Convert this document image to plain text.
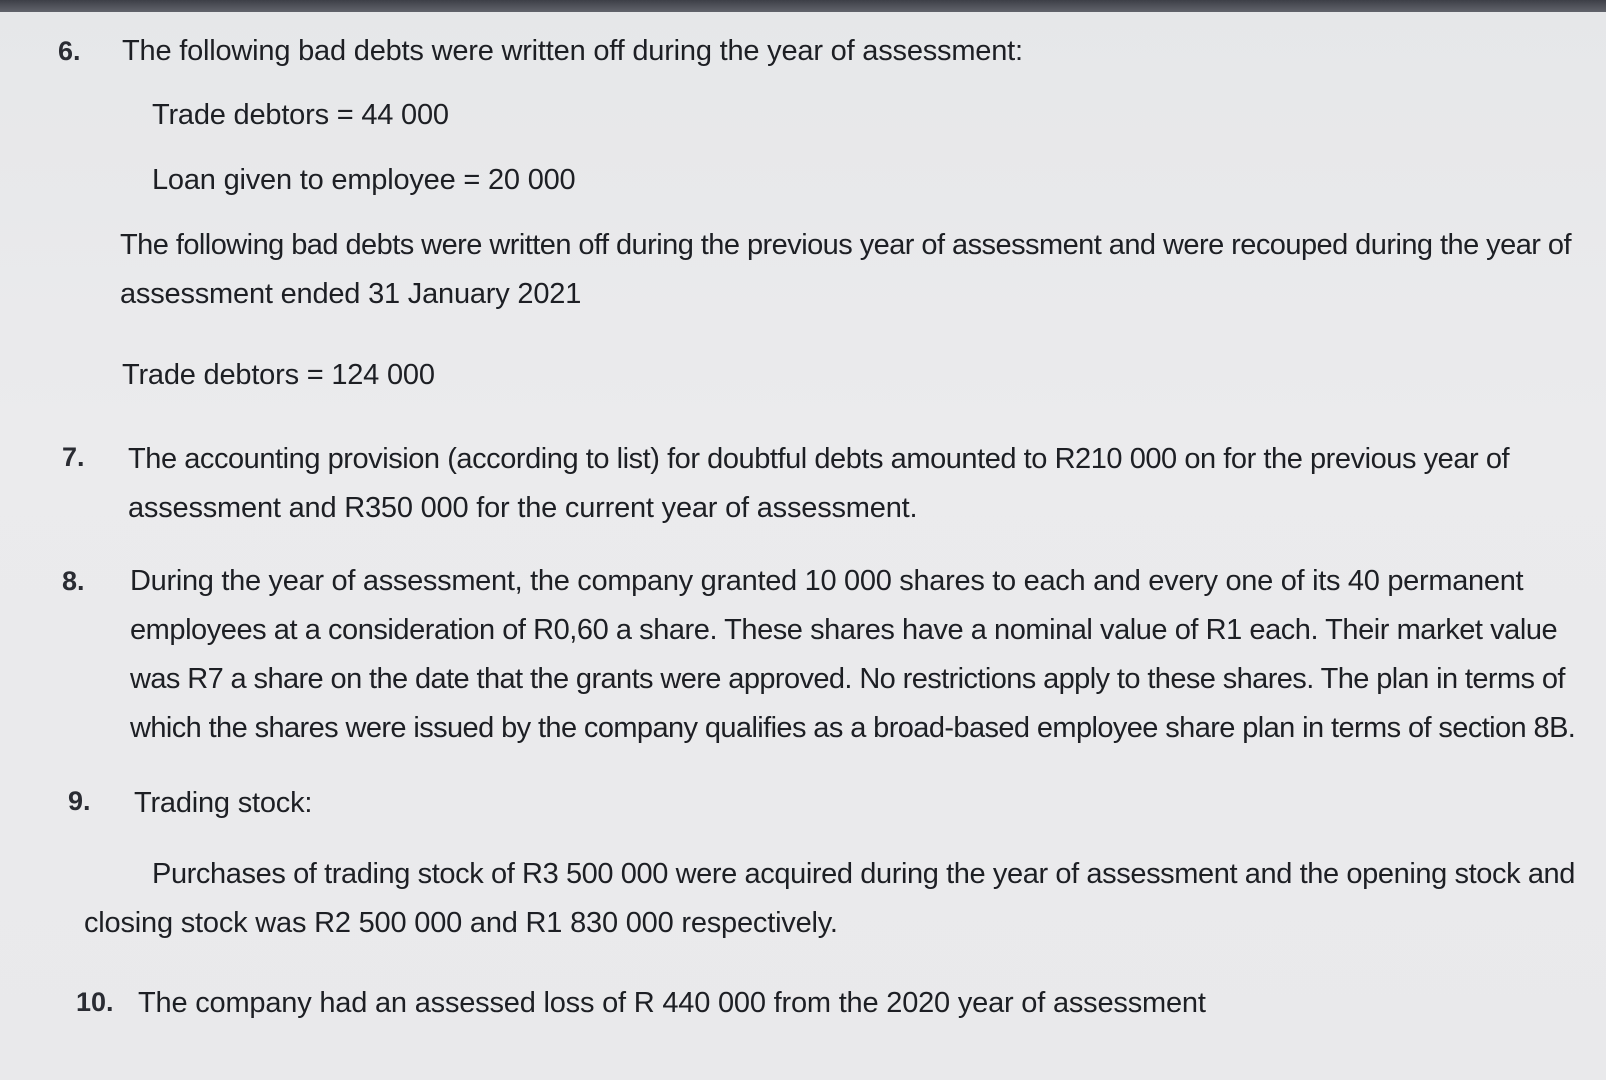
6. The following bad debts were written off during the year of assessment:
Trade debtors = 44 000
Loan given to employee = 20 000
The following bad debts were written off during the previous year of assessment and were recouped during the year of
assessment ended 31 January 2021
Trade debtors = 124 000
7. The accounting provision (according to list) for doubtful debts amounted to R210 000 on for the previous year of
assessment and R350 000 for the current year of assessment.
8. During the year of assessment, the company granted 10 000 shares to each and every one of its 40 permanent
employees at a consideration of R0,60 a share. These shares have a nominal value of R1 each. Their market value
was R7 a share on the date that the grants were approved. No restrictions apply to these shares. The plan in terms of
which the shares were issued by the company qualifies as a broad-based employee share plan in terms of section 8B.
9. Trading stock:
Purchases of trading stock of R3 500 000 were acquired during the year of assessment and the opening stock and
closing stock was R2 500 000 and R1 830 000 respectively.
10. The company had an assessed loss of R 440 000 from the 2020 year of assessment
